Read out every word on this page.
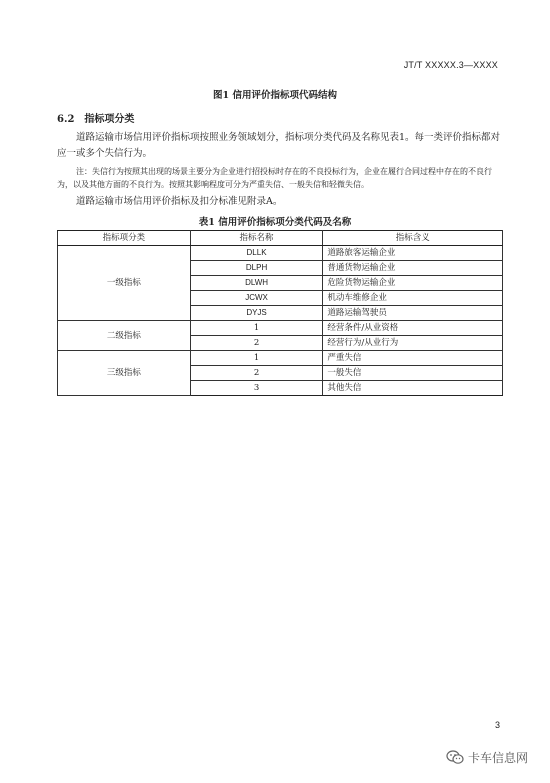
JT/T XXXXX.3—XXXX
图1 信用评价指标项代码结构
6.2 指标项分类
道路运输市场信用评价指标项按照业务领域划分，指标项分类代码及名称见表1。每一类评价指标都对应一或多个失信行为。
注：失信行为按照其出现的场景主要分为企业进行招投标时存在的不良投标行为，企业在履行合同过程中存在的不良行为，以及其他方面的不良行为。按照其影响程度可分为严重失信、一般失信和轻微失信。
道路运输市场信用评价指标及扣分标准见附录A。
表1 信用评价指标项分类代码及名称
指标项分类	指标名称	指标含义
一级指标	DLLK	道路旅客运输企业
	DLPH	普通货物运输企业
	DLWH	危险货物运输企业
	JCWX	机动车维修企业
	DYJS	道路运输驾驶员
二级指标	1	经营条件/从业资格
	2	经营行为/从业行为
三级指标	1	严重失信
	2	一般失信
	3	其他失信
3
卡车信息网
